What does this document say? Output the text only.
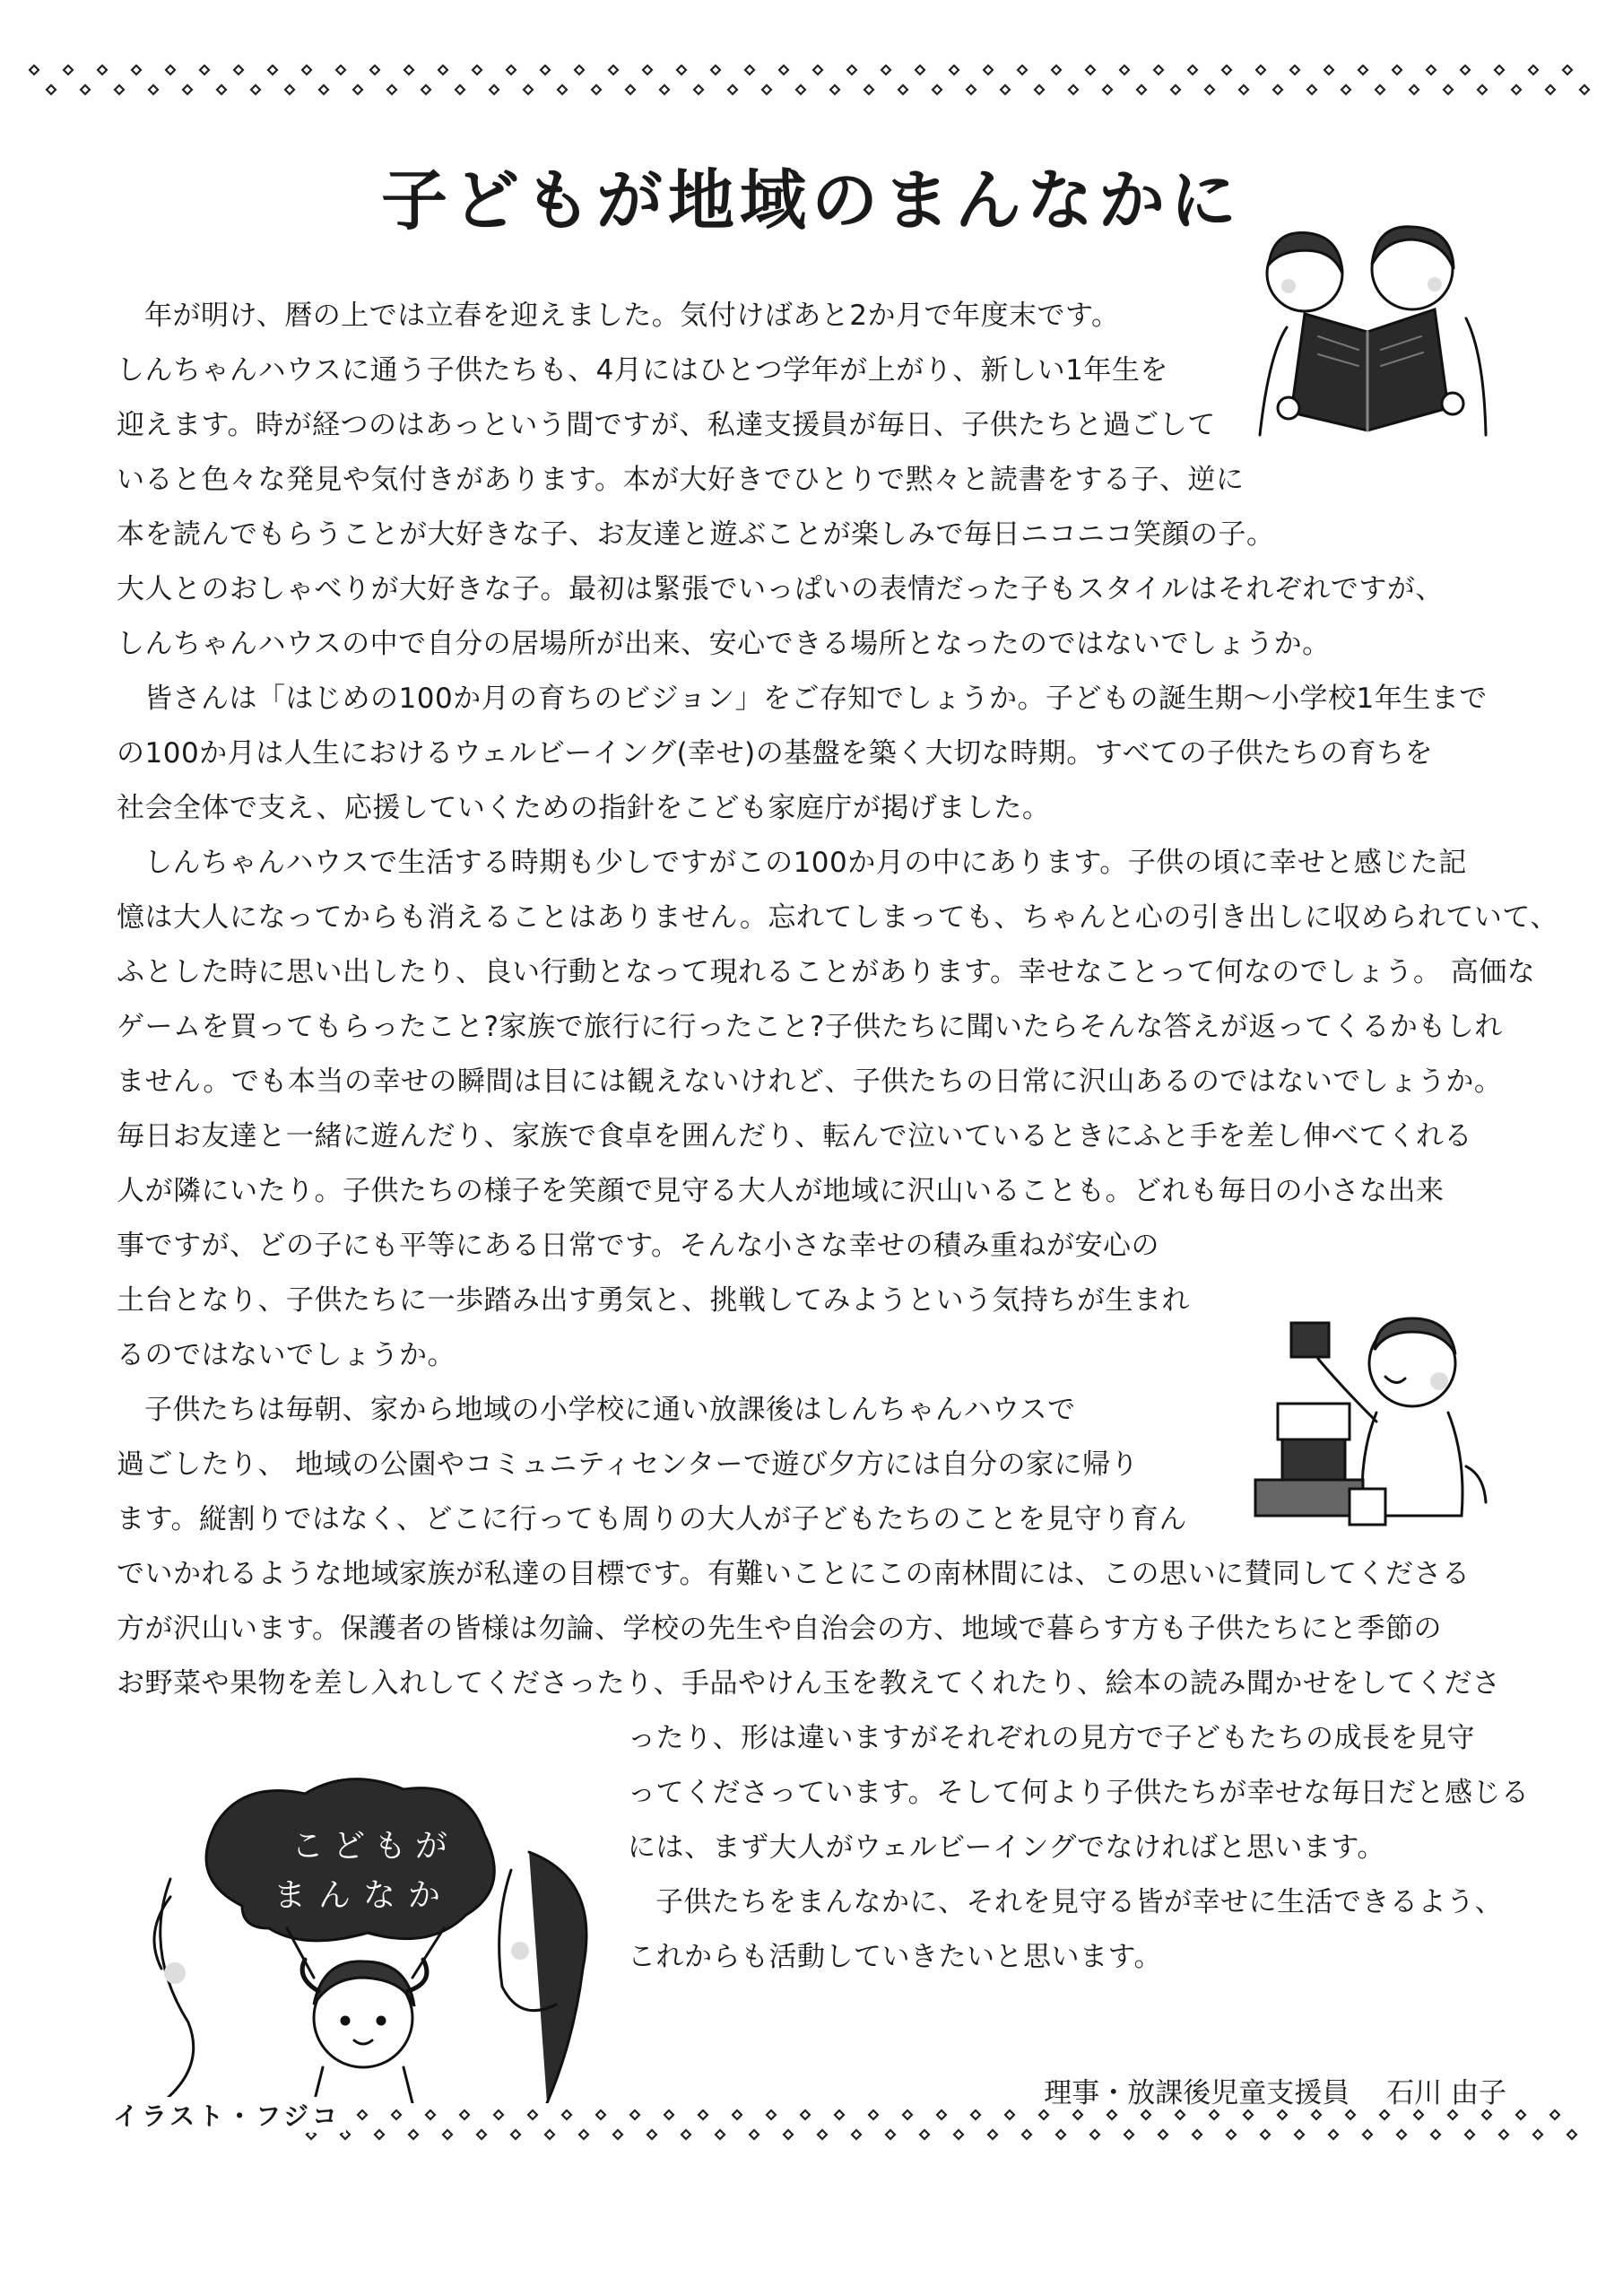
子どもが地域のまんなかに
こどもが
まんなか

年が明け、暦の上では立春を迎えました。気付けばあと2か月で年度末です。
しんちゃんハウスに通う子供たちも、4月にはひとつ学年が上がり、新しい1年生を
迎えます。時が経つのはあっという間ですが、私達支援員が毎日、子供たちと過ごして
いると色々な発見や気付きがあります。本が大好きでひとりで黙々と読書をする子、逆に
本を読んでもらうことが大好きな子、お友達と遊ぶことが楽しみで毎日ニコニコ笑顔の子。
大人とのおしゃべりが大好きな子。最初は緊張でいっぱいの表情だった子もスタイルはそれぞれですが、
しんちゃんハウスの中で自分の居場所が出来、安心できる場所となったのではないでしょうか。

皆さんは「はじめの100か月の育ちのビジョン」をご存知でしょうか。子どもの誕生期～小学校1年生まで
の100か月は人生におけるウェルビーイング(幸せ)の基盤を築く大切な時期。すべての子供たちの育ちを
社会全体で支え、応援していくための指針をこども家庭庁が掲げました。

しんちゃんハウスで生活する時期も少しですがこの100か月の中にあります。子供の頃に幸せと感じた記
憶は大人になってからも消えることはありません。忘れてしまっても、ちゃんと心の引き出しに収められていて、
ふとした時に思い出したり、良い行動となって現れることがあります。幸せなことって何なのでしょう。 高価な
ゲームを買ってもらったこと?家族で旅行に行ったこと?子供たちに聞いたらそんな答えが返ってくるかもしれ
ません。でも本当の幸せの瞬間は目には観えないけれど、子供たちの日常に沢山あるのではないでしょうか。
毎日お友達と一緒に遊んだり、家族で食卓を囲んだり、転んで泣いているときにふと手を差し伸べてくれる
人が隣にいたり。子供たちの様子を笑顔で見守る大人が地域に沢山いることも。どれも毎日の小さな出来
事ですが、どの子にも平等にある日常です。そんな小さな幸せの積み重ねが安心の
土台となり、子供たちに一歩踏み出す勇気と、挑戦してみようという気持ちが生まれ
るのではないでしょうか。

子供たちは毎朝、家から地域の小学校に通い放課後はしんちゃんハウスで
過ごしたり、 地域の公園やコミュニティセンターで遊び夕方には自分の家に帰り
ます。縦割りではなく、どこに行っても周りの大人が子どもたちのことを見守り育ん
でいかれるような地域家族が私達の目標です。有難いことにこの南林間には、この思いに賛同してくださる
方が沢山います。保護者の皆様は勿論、学校の先生や自治会の方、地域で暮らす方も子供たちにと季節の
お野菜や果物を差し入れしてくださったり、手品やけん玉を教えてくれたり、絵本の読み聞かせをしてくださ

ったり、形は違いますがそれぞれの見方で子どもたちの成長を見守
ってくださっています。そして何より子供たちが幸せな毎日だと感じる
には、まず大人がウェルビーイングでなければと思います。

子供たちをまんなかに、それを見守る皆が幸せに生活できるよう、
これからも活動していきたいと思います。

理事・放課後児童支援員　 石川 由子
イラスト・フジコ
